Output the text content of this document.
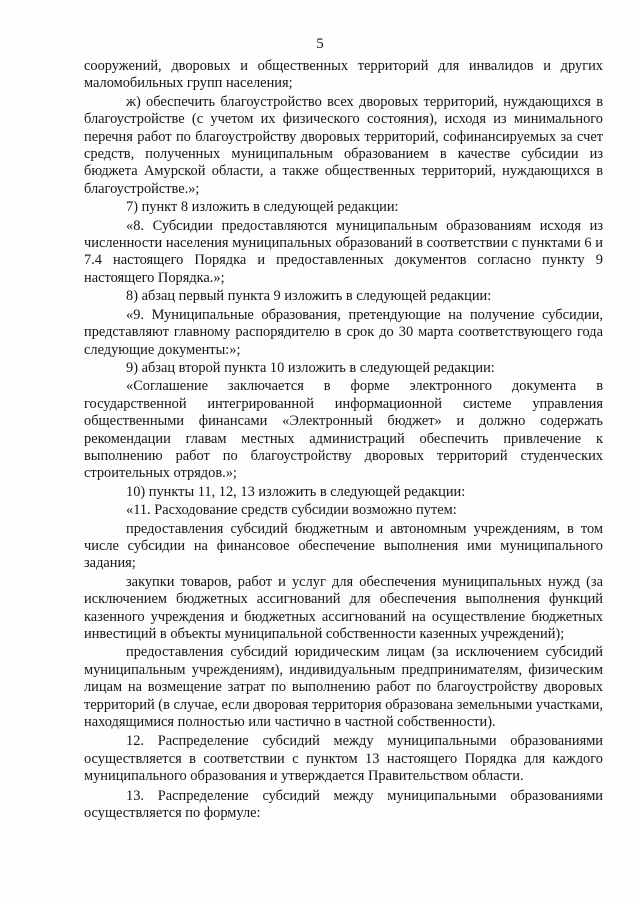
5

сооружений, дворовых и общественных территорий для инвалидов и других маломобильных групп населения;

ж) обеспечить благоустройство всех дворовых территорий, нуждающихся в благоустройстве (с учетом их физического состояния), исходя из минимального перечня работ по благоустройству дворовых территорий, софинансируемых за счет средств, полученных муниципальным образованием в качестве субсидии из бюджета Амурской области, а также общественных территорий, нуждающихся в благоустройстве.»;

7) пункт 8 изложить в следующей редакции:

«8. Субсидии предоставляются муниципальным образованиям исходя из численности населения муниципальных образований в соответствии с пунктами 6 и 7.4 настоящего Порядка и предоставленных документов согласно пункту 9 настоящего Порядка.»;

8) абзац первый пункта 9 изложить в следующей редакции:

«9. Муниципальные образования, претендующие на получение субсидии, представляют главному распорядителю в срок до 30 марта соответствующего года следующие документы:»;

9) абзац второй пункта 10 изложить в следующей редакции:

«Соглашение заключается в форме электронного документа в государственной интегрированной информационной системе управления общественными финансами «Электронный бюджет» и должно содержать рекомендации главам местных администраций обеспечить привлечение к выполнению работ по благоустройству дворовых территорий студенческих строительных отрядов.»;

10) пункты 11, 12, 13 изложить в следующей редакции:

«11. Расходование средств субсидии возможно путем:

предоставления субсидий бюджетным и автономным учреждениям, в том числе субсидии на финансовое обеспечение выполнения ими муниципального задания;

закупки товаров, работ и услуг для обеспечения муниципальных нужд (за исключением бюджетных ассигнований для обеспечения выполнения функций казенного учреждения и бюджетных ассигнований на осуществление бюджетных инвестиций в объекты муниципальной собственности казенных учреждений);

предоставления субсидий юридическим лицам (за исключением субсидий муниципальным учреждениям), индивидуальным предпринимателям, физическим лицам на возмещение затрат по выполнению работ по благоустройству дворовых территорий (в случае, если дворовая территория образована земельными участками, находящимися полностью или частично в частной собственности).

12. Распределение субсидий между муниципальными образованиями осуществляется в соответствии с пунктом 13 настоящего Порядка для каждого муниципального образования и утверждается Правительством области.

13. Распределение субсидий между муниципальными образованиями осуществляется по формуле:
